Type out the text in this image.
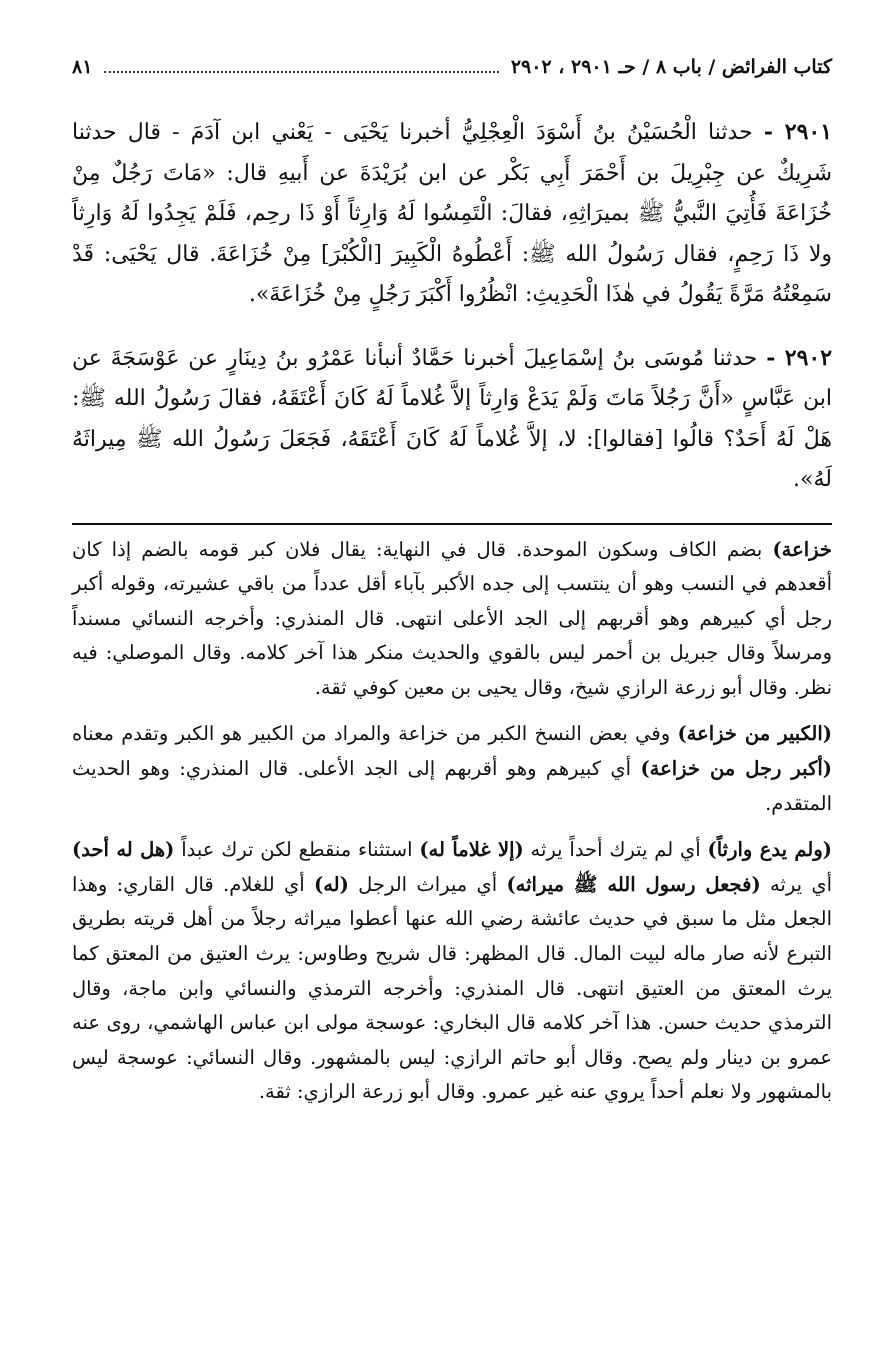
كتاب الفرائض / باب ٨ / حـ ٢٩٠١ ، ٢٩٠٢
٨١

٢٩٠١ - حدثنا الْحُسَيْنُ بنُ أَسْوَدَ الْعِجْلِيُّ أخبرنا يَحْيَى - يَعْني ابن آدَمَ - قال حدثنا شَرِيكٌ عن جِبْرِيلَ بن أَحْمَرَ أَبِي بَكْر عن ابن بُرَيْدَةَ عن أَبيهِ قال: «مَاتَ رَجُلٌ مِنْ خُزَاعَةَ فَأُتِيَ النَّبيُّ ﷺ بميرَاثِهِ، فقالَ: الْتَمِسُوا لَهُ وَارِثاً أَوْ ذَا رحِم، فَلَمْ يَجِدُوا لَهُ وَارِثاً ولا ذَا رَحِمٍ، فقال رَسُولُ الله ﷺ: أَعْطُوهُ الْكَبِيرَ [الْكُبْرَ] مِنْ خُزَاعَةَ. قال يَحْيَى: قَدْ سَمِعْتُهُ مَرَّةً يَقُولُ في هٰذَا الْحَدِيثِ: انْظُرُوا أَكْبَرَ رَجُلٍ مِنْ خُزَاعَةَ».

٢٩٠٢ - حدثنا مُوسَى بنُ إسْمَاعِيلَ أخبرنا حَمَّادٌ أنبأنا عَمْرُو بنُ دِينَارٍ عن عَوْسَجَةَ عن ابن عَبَّاسٍ «أَنَّ رَجُلاً مَاتَ وَلَمْ يَدَعْ وَارِثاً إلاَّ غُلاماً لَهُ كَانَ أَعْتَقَهُ، فقالَ رَسُولُ الله ﷺ: هَلْ لَهُ أَحَدٌ؟ قالُوا [فقالوا]: لا، إلاَّ غُلاماً لَهُ كَانَ أَعْتَقَهُ، فَجَعَلَ رَسُولُ الله ﷺ مِيراثَهُ لَهُ».

خزاعة) بضم الكاف وسكون الموحدة. قال في النهاية: يقال فلان كبر قومه بالضم إذا كان أقعدهم في النسب وهو أن ينتسب إلى جده الأكبر بآباء أقل عدداً من باقي عشيرته، وقوله أكبر رجل أي كبيرهم وهو أقربهم إلى الجد الأعلى انتهى. قال المنذري: وأخرجه النسائي مسنداً ومرسلاً وقال جبريل بن أحمر ليس بالقوي والحديث منكر هذا آخر كلامه. وقال الموصلي: فيه نظر. وقال أبو زرعة الرازي شيخ، وقال يحيى بن معين كوفي ثقة.

(الكبير من خزاعة) وفي بعض النسخ الكبر من خزاعة والمراد من الكبير هو الكبر وتقدم معناه (أكبر رجل من خزاعة) أي كبيرهم وهو أقربهم إلى الجد الأعلى. قال المنذري: وهو الحديث المتقدم.

(ولم يدع وارثاً) أي لم يترك أحداً يرثه (إلا غلاماً له) استثناء منقطع لكن ترك عبداً (هل له أحد) أي يرثه (فجعل رسول الله ﷺ ميراثه) أي ميراث الرجل (له) أي للغلام. قال القاري: وهذا الجعل مثل ما سبق في حديث عائشة رضي الله عنها أعطوا ميراثه رجلاً من أهل قريته بطريق التبرع لأنه صار ماله لبيت المال. قال المظهر: قال شريح وطاوس: يرث العتيق من المعتق كما يرث المعتق من العتيق انتهى. قال المنذري: وأخرجه الترمذي والنسائي وابن ماجة، وقال الترمذي حديث حسن. هذا آخر كلامه قال البخاري: عوسجة مولى ابن عباس الهاشمي، روى عنه عمرو بن دينار ولم يصح. وقال أبو حاتم الرازي: ليس بالمشهور. وقال النسائي: عوسجة ليس بالمشهور ولا نعلم أحداً يروي عنه غير عمرو. وقال أبو زرعة الرازي: ثقة.
